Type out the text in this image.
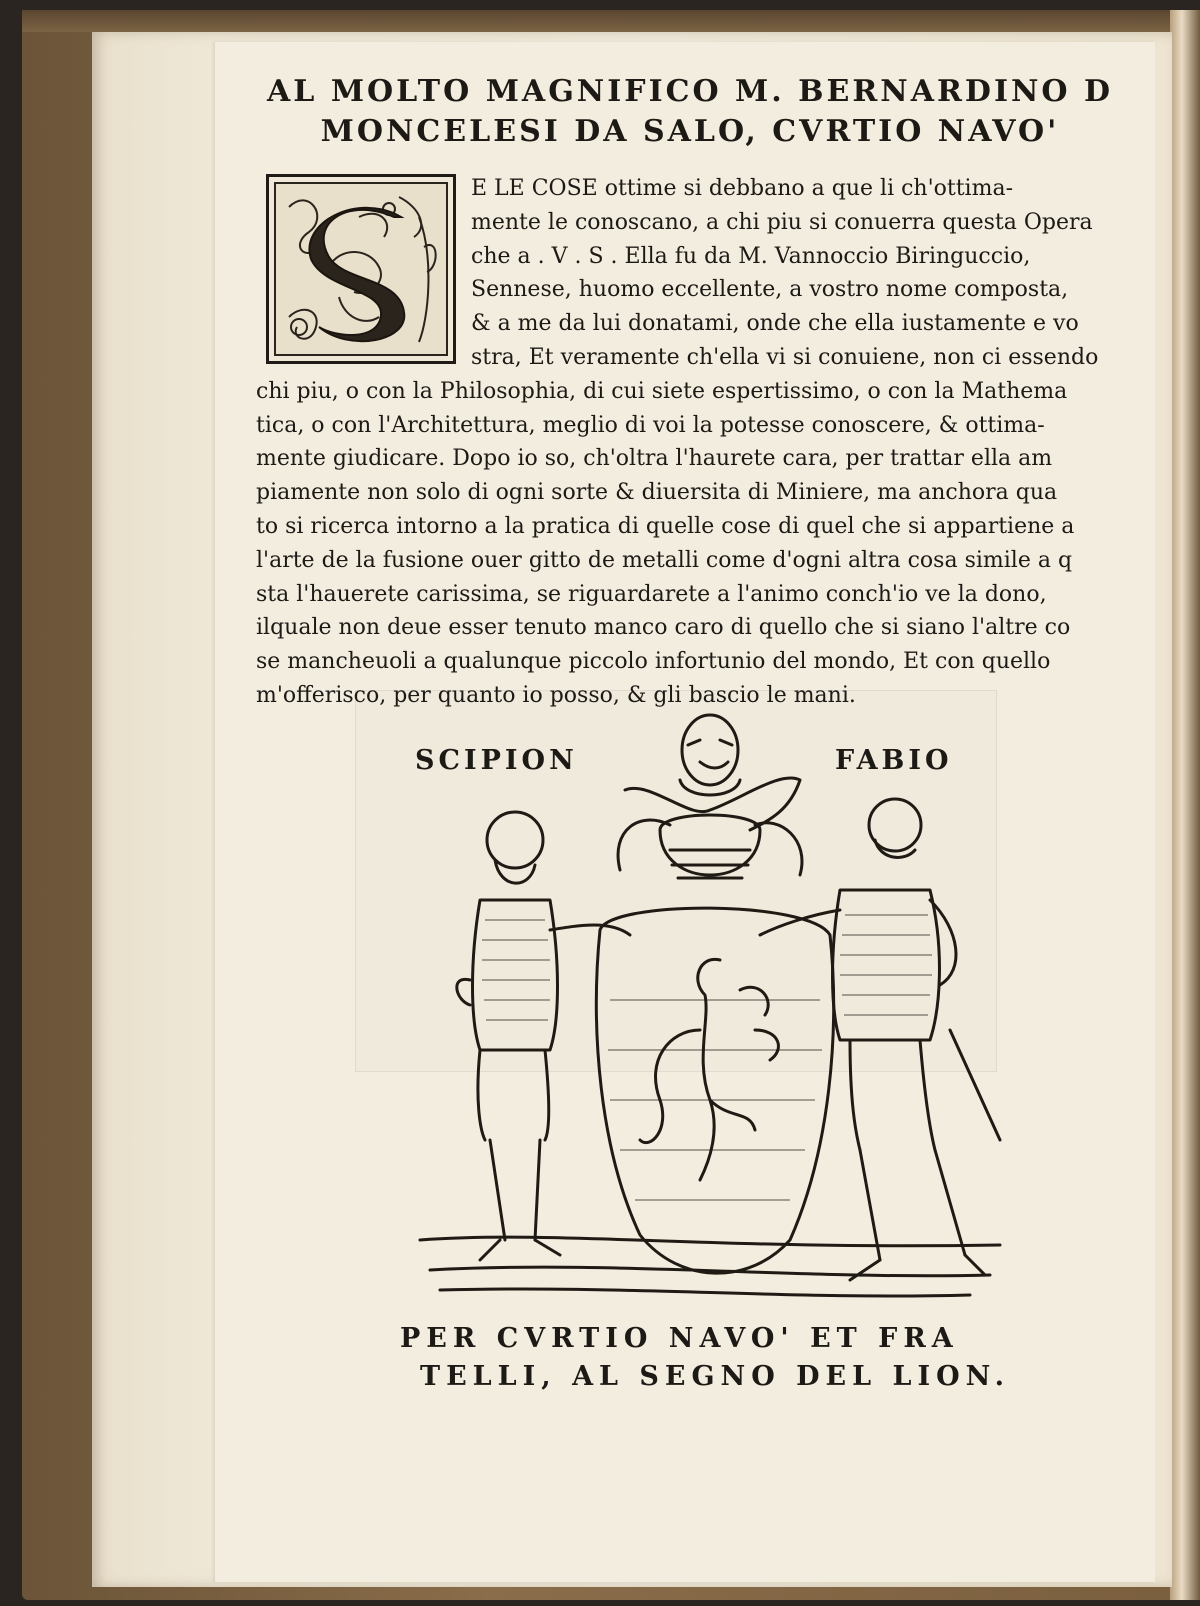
AL MOLTO MAGNIFICO M. BERNARDINO D
MONCELESI DA SALO, CVRTIO NAVO'
E LE COSE ottime si debbano a que li ch'ottima-
mente le conoscano, a chi piu si conuerra questa Opera
che a . V . S . Ella fu da M. Vannoccio Biringuccio,
Sennese, huomo eccellente, a vostro nome composta,
& a me da lui donatami, onde che ella iustamente e vo
stra, Et veramente ch'ella vi si conuiene, non ci essendo
chi piu, o con la Philosophia, di cui siete espertissimo, o con la Mathema
tica, o con l'Architettura, meglio di voi la potesse conoscere, & ottima-
mente giudicare. Dopo io so, ch'oltra l'haurete cara, per trattar ella am
piamente non solo di ogni sorte & diuersita di Miniere, ma anchora qua
to si ricerca intorno a la pratica di quelle cose di quel che si appartiene a
l'arte de la fusione ouer gitto de metalli come d'ogni altra cosa simile a q
sta l'hauerete carissima, se riguardarete a l'animo conch'io ve la dono,
ilquale non deue esser tenuto manco caro di quello che si siano l'altre co
se mancheuoli a qualunque piccolo infortunio del mondo, Et con quello
m'offerisco, per quanto io posso, & gli bascio le mani.
SCIPION	FABIO
PER CVRTIO NAVO' ET FRA
TELLI, AL SEGNO DEL LION.
